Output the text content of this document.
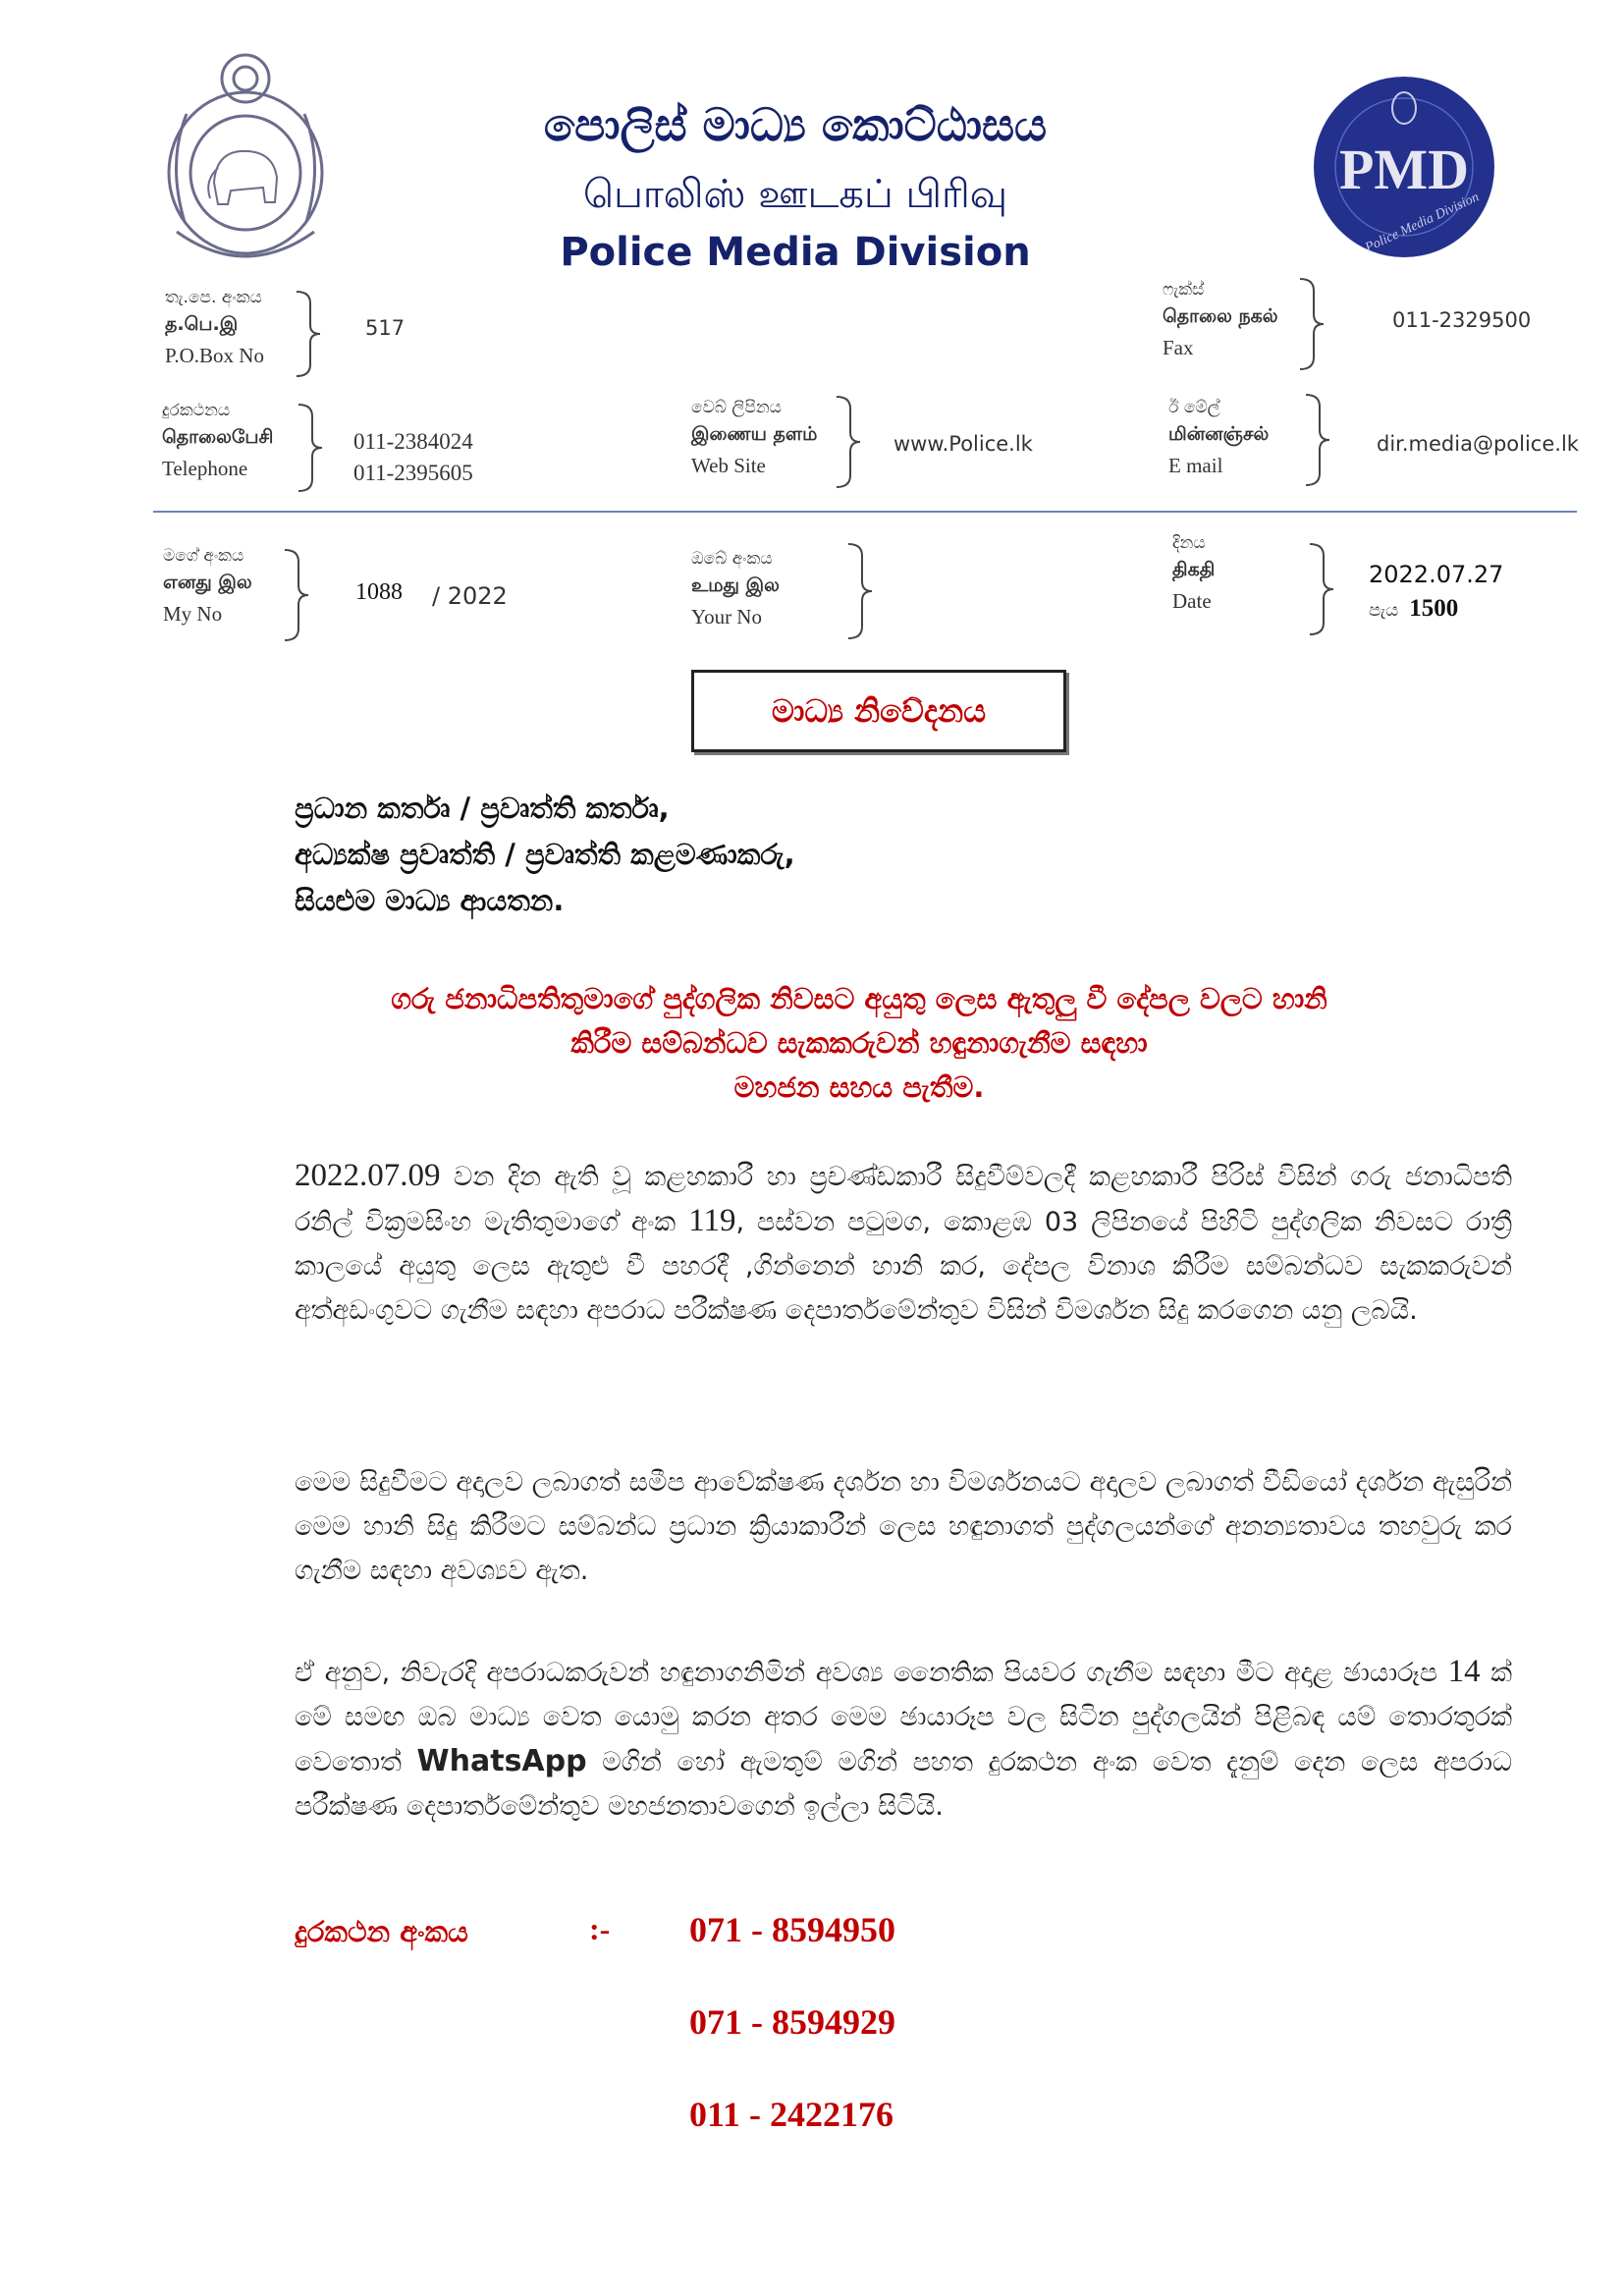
PMD
Police Media Division
පොලිස් මාධ්‍ය කොට්ඨාසය
பொலிஸ் ஊடகப் பிரிவு
Police Media Division
තැ.පෙ. අංකය
த.பெ.இ
P.O.Box No
517
ෆැක්ස්
தொலை நகல்
Fax
011-2329500
දුරකථනය
தொலைபேசி
Telephone
011-2384024
011-2395605
වෙබ් ලිපිනය
இணைய தளம்
Web Site
www.Police.lk
ඊ මේල්
மின்னஞ்சல்
E mail
dir.media@police.lk
මගේ අංකය
எனது இல
My No
1088 / 2022
ඔබේ අංකය
உமது இல
Your No
දිනය
திகதி
Date
2022.07.27
පැය 1500
මාධ්‍ය නිවේදනය
ප්‍රධාන කර්තෘ / ප්‍රවෘත්ති කර්තෘ,
අධ්‍යක්ෂ ප්‍රවෘත්ති / ප්‍රවෘත්ති කළමණාකරු,
සියළුම මාධ්‍ය ආයතන.
ගරු ජනාධිපතිතුමාගේ පුද්ගලික නිවසට අයුතු ලෙස ඇතුලු වී දේපල වලට හානි
කිරීම සම්බන්ධව සැකකරුවන් හඳුනාගැනීම සඳහා
මහජන සහය පැතීම.
2022.07.09 වන දින ඇති වූ කළහකාරී හා ප්‍රචණ්ඩකාරී සිදුවීම්වලදී කළහකාරී පිරිස් විසින් ගරු ජනාධිපති රනිල් වික්‍රමසිංහ මැතිතුමාගේ අංක 119, පස්වන පටුමග, කොළඹ 03 ලිපිනයේ පිහිටි පුද්ගලික නිවසට රාත්‍රී කාලයේ අයුතු ලෙස ඇතුළු වී පහරදී ,ගින්නෙන් හානි කර, දේපල විනාශ කිරීම සම්බන්ධව සැකකරුවන් අත්අඩංගුවට ගැනීම සඳහා අපරාධ පරීක්ෂණ දෙපාර්තමේන්තුව විසින් විමර්ශන සිදු කරගෙන යනු ලබයි.
මෙම සිදුවීමට අදාලව ලබාගත් සමීප ආවේක්ෂණ දර්ශන හා විමර්ශනයට අදාලව ලබාගත් වීඩියෝ දර්ශන ඇසුරින් මෙම හානි සිදු කිරීමට සම්බන්ධ ප්‍රධාන ක්‍රියාකාරීන් ලෙස හඳුනාගත් පුද්ගලයන්ගේ අනන්‍යතාවය තහවුරු කර ගැනීම සඳහා අවශ්‍යව ඇත.
ඒ අනුව, නිවැරදි අපරාධකරුවන් හඳුනාගනිමින් අවශ්‍ය නෛතික පියවර ගැනීම සඳහා මීට අදාළ ඡායාරූප 14 ක් මේ සමඟ ඔබ මාධ්‍ය වෙත යොමු කරන අතර මෙම ඡායාරූප වල සිටින පුද්ගලයින් පිළිබඳ යම් තොරතුරක් වෙතොත් WhatsApp මගින් හෝ ඇමතුම් මගින් පහත දුරකථන අංක වෙත දැනුම් දෙන ලෙස අපරාධ පරීක්ෂණ දෙපාර්තමේන්තුව මහජනතාවගෙන් ඉල්ලා සිටියි.
දුරකථන අංකය	:- 071 - 8594950
071 - 8594929
011 - 2422176
